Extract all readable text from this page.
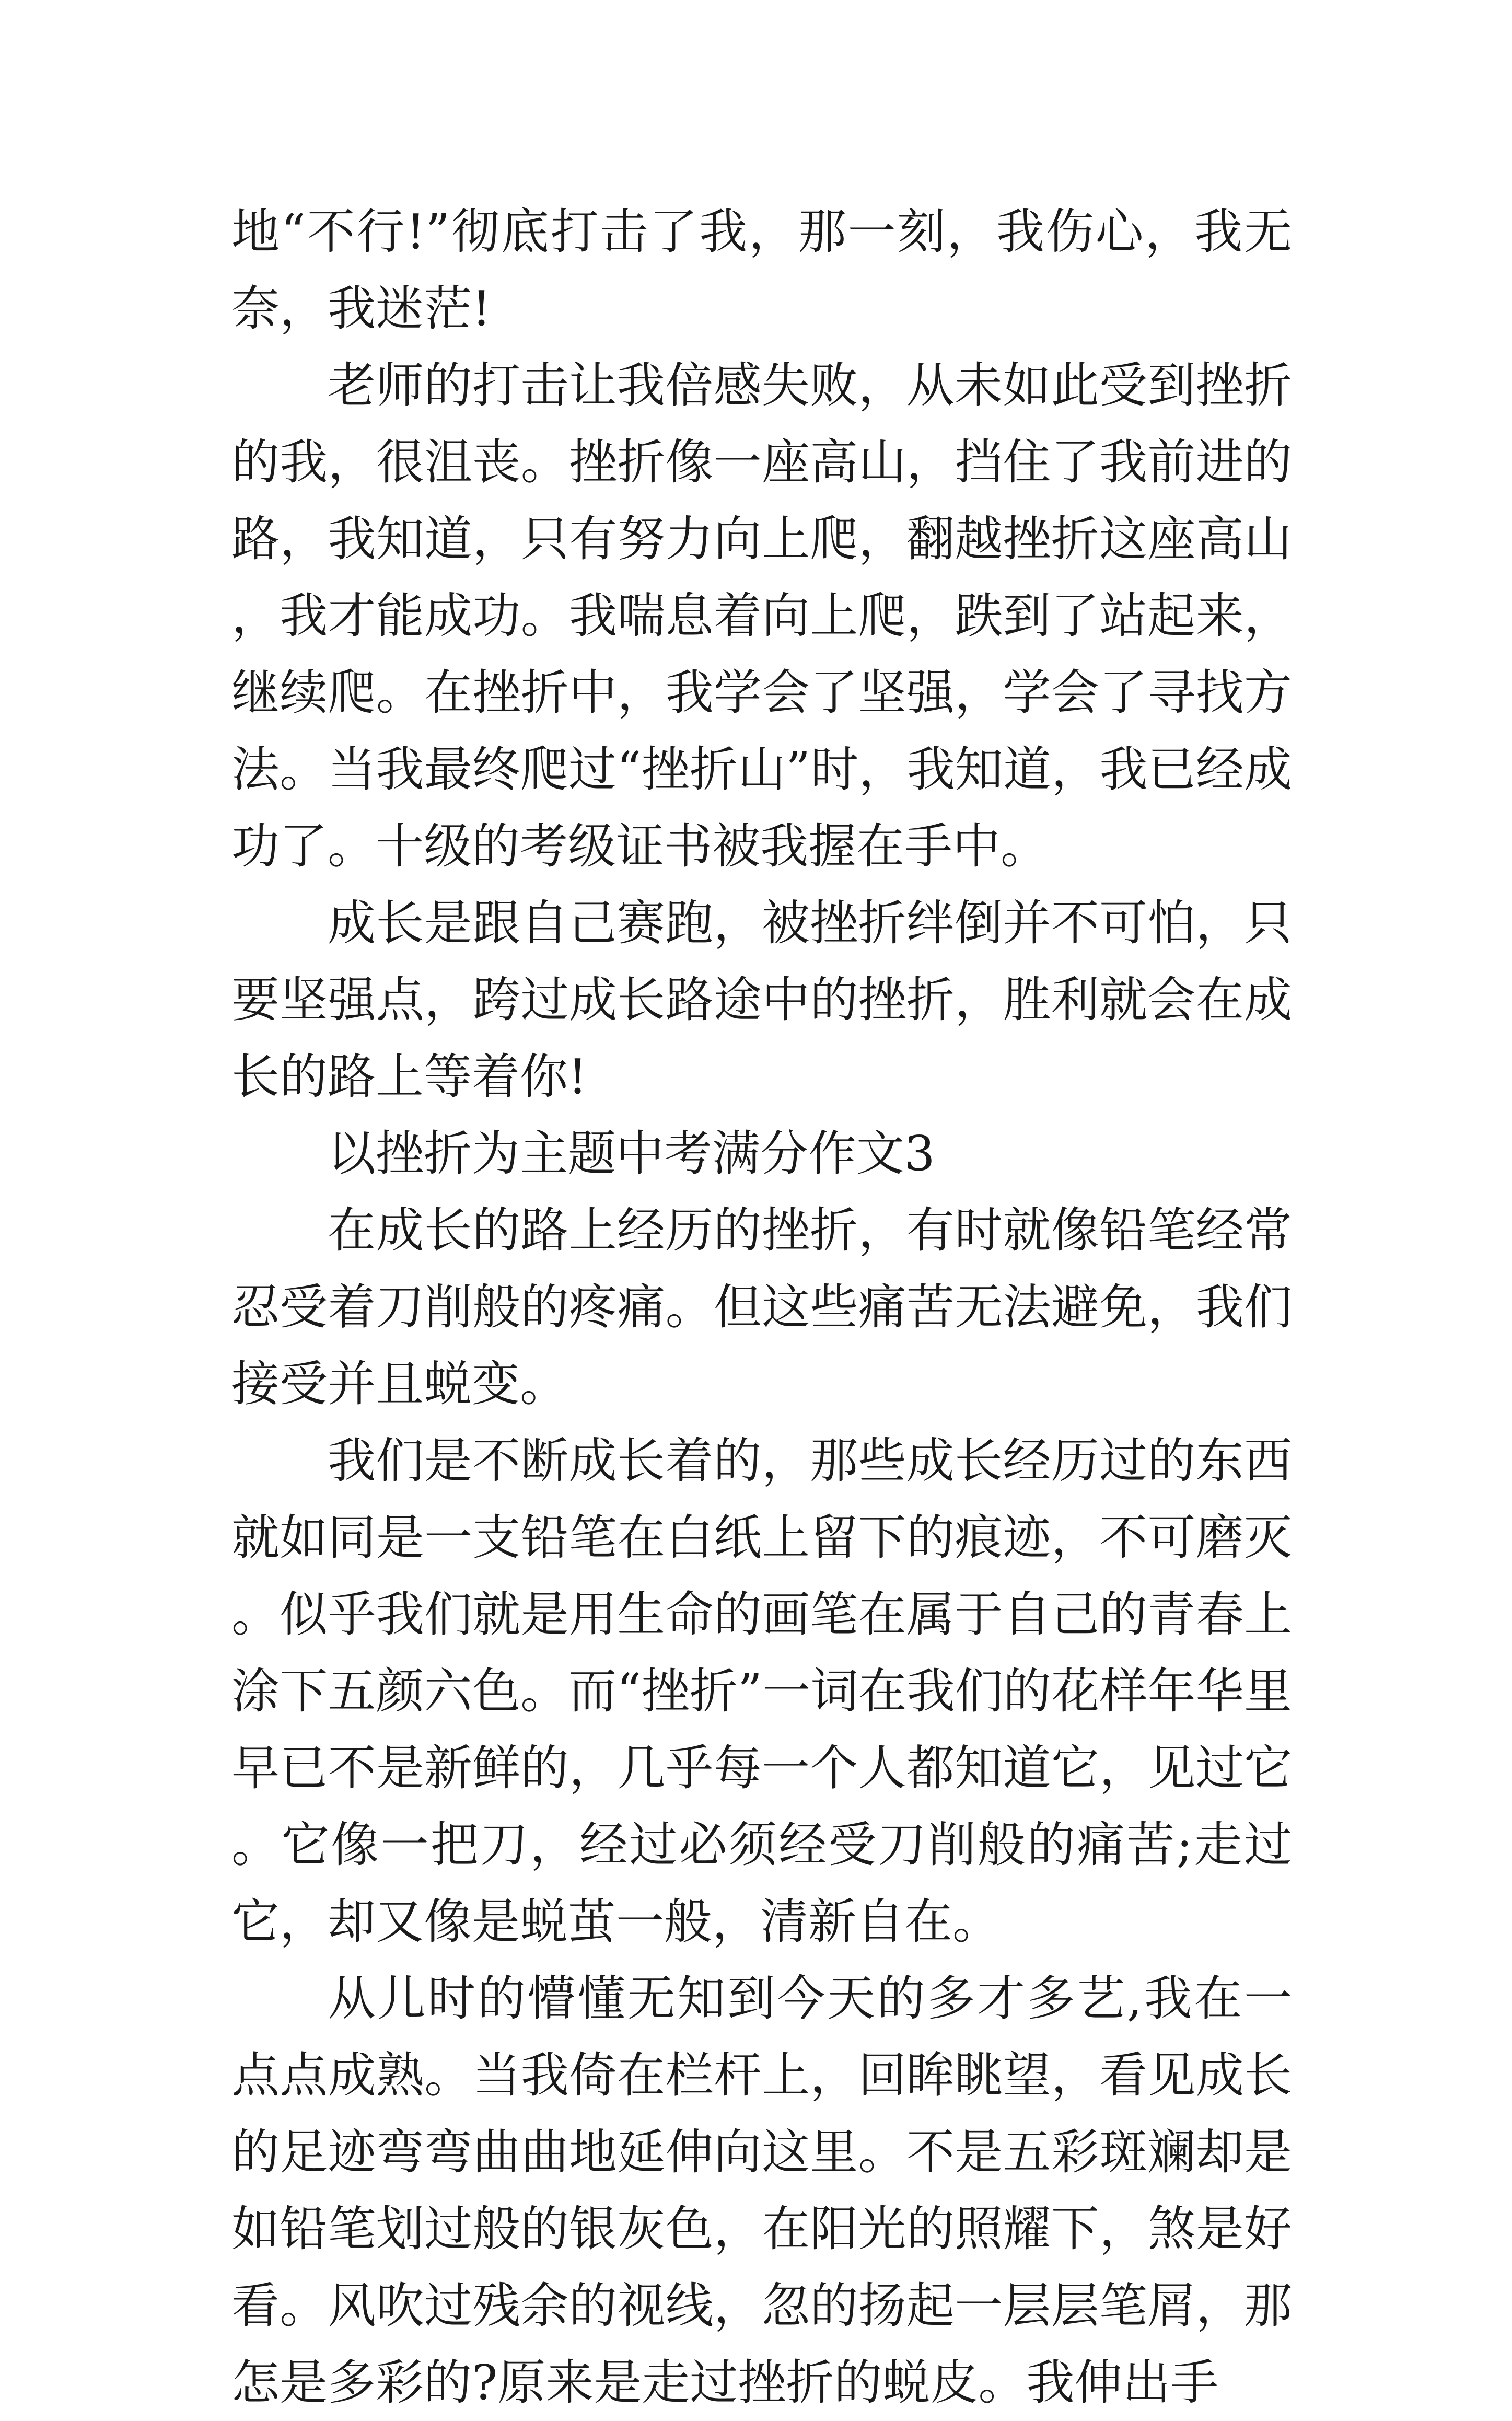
地“不行!”彻底打击了我，那一刻，我伤心，我无奈，我迷茫!

老师的打击让我倍感失败，从未如此受到挫折的我，很沮丧。挫折像一座高山，挡住了我前进的路，我知道，只有努力向上爬，翻越挫折这座高山，我才能成功。我喘息着向上爬，跌到了站起来，继续爬。在挫折中，我学会了坚强，学会了寻找方法。当我最终爬过“挫折山”时，我知道，我已经成功了。十级的考级证书被我握在手中。

成长是跟自己赛跑，被挫折绊倒并不可怕，只要坚强点，跨过成长路途中的挫折，胜利就会在成长的路上等着你!

以挫折为主题中考满分作文3

在成长的路上经历的挫折，有时就像铅笔经常忍受着刀削般的疼痛。但这些痛苦无法避免，我们接受并且蜕变。

我们是不断成长着的，那些成长经历过的东西就如同是一支铅笔在白纸上留下的痕迹，不可磨灭。似乎我们就是用生命的画笔在属于自己的青春上涂下五颜六色。而“挫折”一词在我们的花样年华里早已不是新鲜的，几乎每一个人都知道它，见过它。它像一把刀，经过必须经受刀削般的痛苦;走过它，却又像是蜕茧一般，清新自在。

从儿时的懵懂无知到今天的多才多艺,我在一点点成熟。当我倚在栏杆上，回眸眺望，看见成长的足迹弯弯曲曲地延伸向这里。不是五彩斑斓却是如铅笔划过般的银灰色，在阳光的照耀下，煞是好看。风吹过残余的视线，忽的扬起一层层笔屑，那怎是多彩的?原来是走过挫折的蜕皮。我伸出手
